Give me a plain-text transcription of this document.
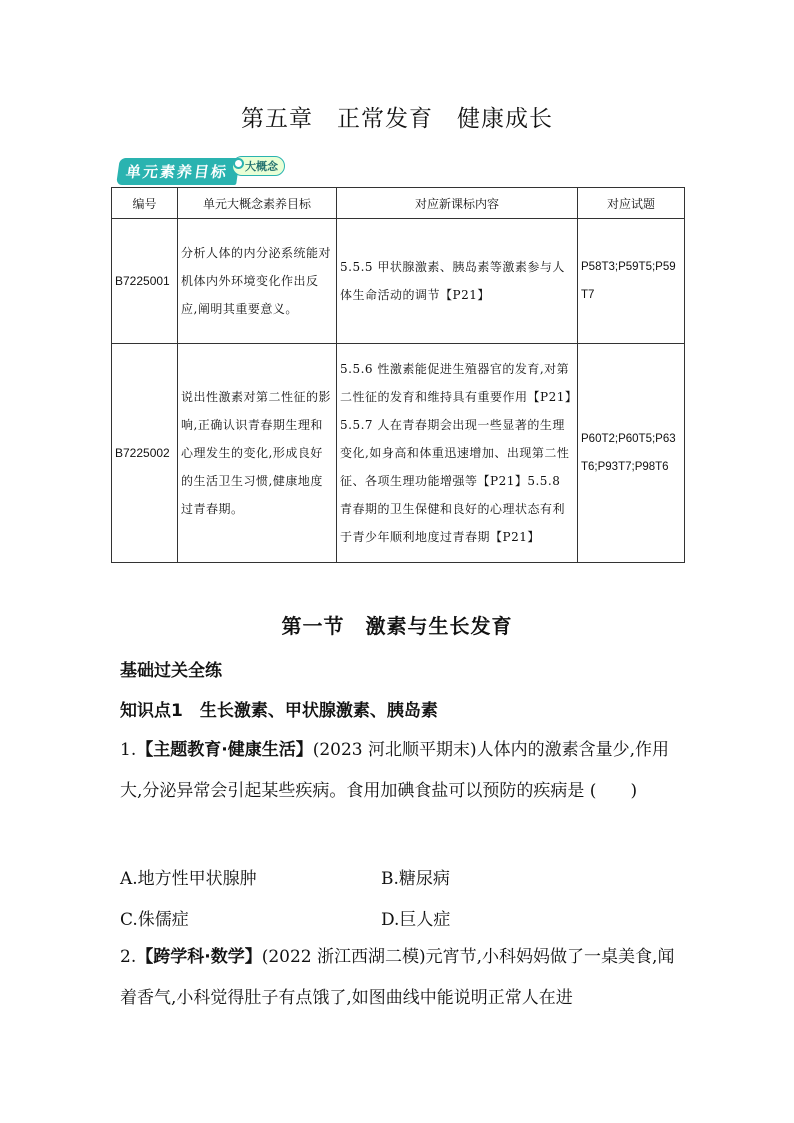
第五章　正常发育　健康成长
单元素养目标	大概念
编号	单元大概念素养目标	对应新课标内容	对应试题
B7225001	分析人体的内分泌系统能对机体内外环境变化作出反应,阐明其重要意义。	5.5.5 甲状腺激素、胰岛素等激素参与人体生命活动的调节【P21】	P58T3;P59T5;P59T7
B7225002	说出性激素对第二性征的影响,正确认识青春期生理和心理发生的变化,形成良好的生活卫生习惯,健康地度过青春期。	5.5.6 性激素能促进生殖器官的发育,对第二性征的发育和维持具有重要作用【P21】5.5.7 人在青春期会出现一些显著的生理变化,如身高和体重迅速增加、出现第二性征、各项生理功能增强等【P21】5.5.8 青春期的卫生保健和良好的心理状态有利于青少年顺利地度过青春期【P21】	P60T2;P60T5;P63T6;P93T7;P98T6
第一节　激素与生长发育
基础过关全练
知识点1　生长激素、甲状腺激素、胰岛素
1.【主题教育·健康生活】(2023 河北顺平期末)人体内的激素含量少,作用大,分泌异常会引起某些疾病。食用加碘食盐可以预防的疾病是 (　　)
A.地方性甲状腺肿	B.糖尿病
C.侏儒症	D.巨人症
2.【跨学科·数学】(2022 浙江西湖二模)元宵节,小科妈妈做了一桌美食,闻着香气,小科觉得肚子有点饿了,如图曲线中能说明正常人在进
